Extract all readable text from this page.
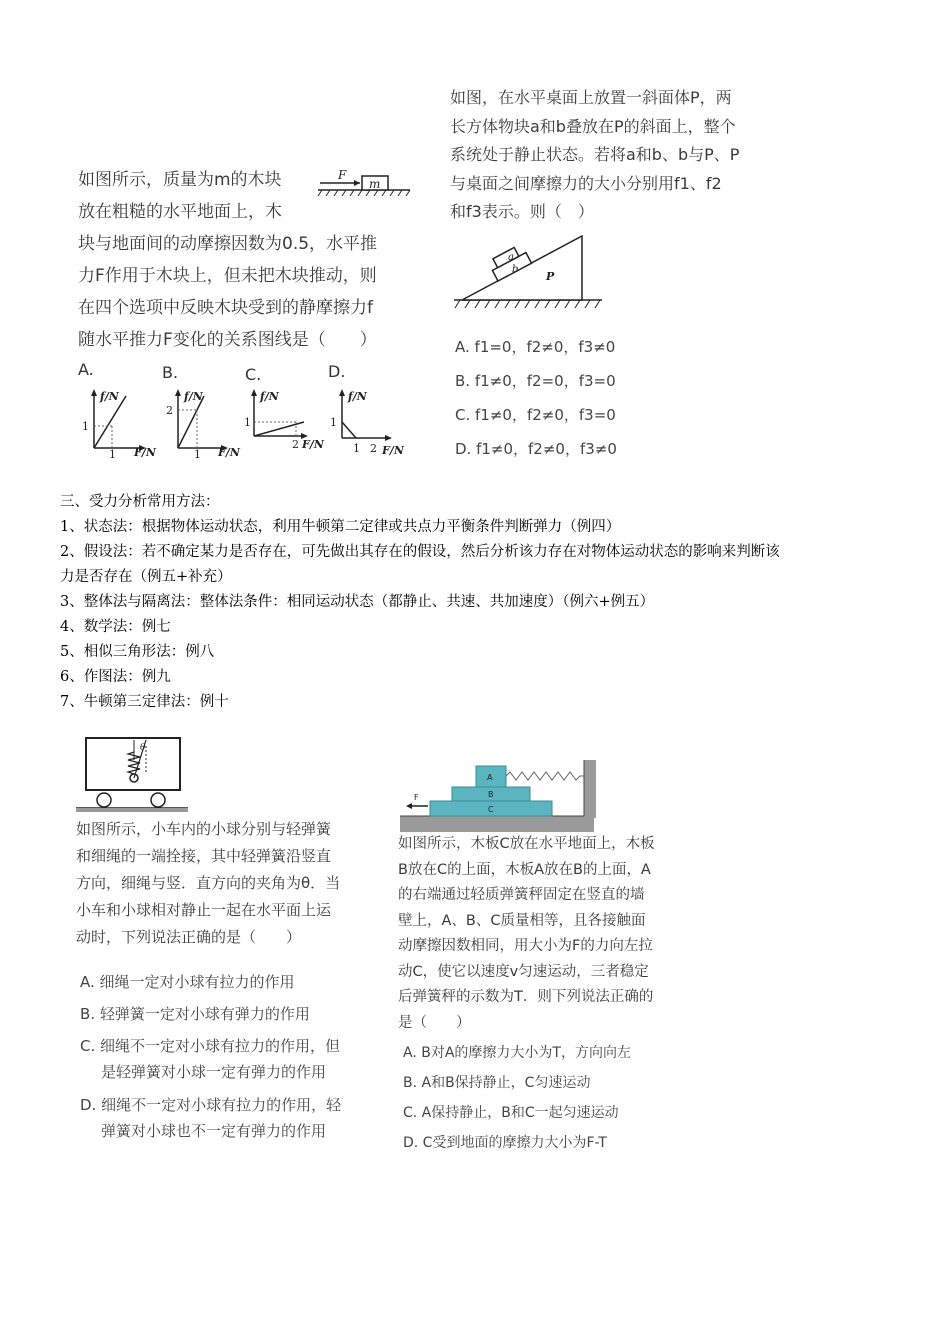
如图所示，质量为m的木块
放在粗糙的水平地面上，木
块与地面间的动摩擦因数为0.5，水平推
力F作用于木块上，但未把木块推动，则
在四个选项中反映木块受到的静摩擦力f
随水平推力F变化的关系图线是（　　）
m
F
A.	B.	C.	D.
f/N
F/N
1
1
f/N
F/N
2
1
f/N
F/N
1
2
f/N
F/N
1
1 2
如图，在水平桌面上放置一斜面体P，两
长方体物块a和b叠放在P的斜面上，整个
系统处于静止状态。若将a和b、b与P、P
与桌面之间摩擦力的大小分别用f1、f2
和f3表示。则（　）
P
a
b
A. f1=0，f2≠0，f3≠0
B. f1≠0，f2=0，f3=0
C. f1≠0，f2≠0，f3=0
D. f1≠0，f2≠0，f3≠0
三、受力分析常用方法：
1、状态法：根据物体运动状态，利用牛顿第二定律或共点力平衡条件判断弹力（例四）
2、假设法：若不确定某力是否存在，可先做出其存在的假设，然后分析该力存在对物体运动状态的影响来判断该
力是否存在（例五+补充）
3、整体法与隔离法：整体法条件：相同运动状态（都静止、共速、共加速度）（例六+例五）
4、数学法：例七
5、相似三角形法：例八
6、作图法：例九
7、牛顿第三定律法：例十
θ
如图所示，小车内的小球分别与轻弹簧
和细绳的一端拴接，其中轻弹簧沿竖直
方向，细绳与竖．直方向的夹角为θ．当
小车和小球相对静止一起在水平面上运
动时，下列说法正确的是（　　）
A. 细绳一定对小球有拉力的作用
B. 轻弹簧一定对小球有弹力的作用
C. 细绳不一定对小球有拉力的作用，但
是轻弹簧对小球一定有弹力的作用
D. 细绳不一定对小球有拉力的作用，轻
弹簧对小球也不一定有弹力的作用
A
B
C
F
如图所示，木板C放在水平地面上，木板
B放在C的上面，木板A放在B的上面，A
的右端通过轻质弹簧秤固定在竖直的墙
壁上，A、B、C质量相等，且各接触面
动摩擦因数相同，用大小为F的力向左拉
动C，使它以速度v匀速运动，三者稳定
后弹簧秤的示数为T．则下列说法正确的
是（　　）
A. B对A的摩擦力大小为T，方向向左
B. A和B保持静止，C匀速运动
C. A保持静止，B和C一起匀速运动
D. C受到地面的摩擦力大小为F-T
